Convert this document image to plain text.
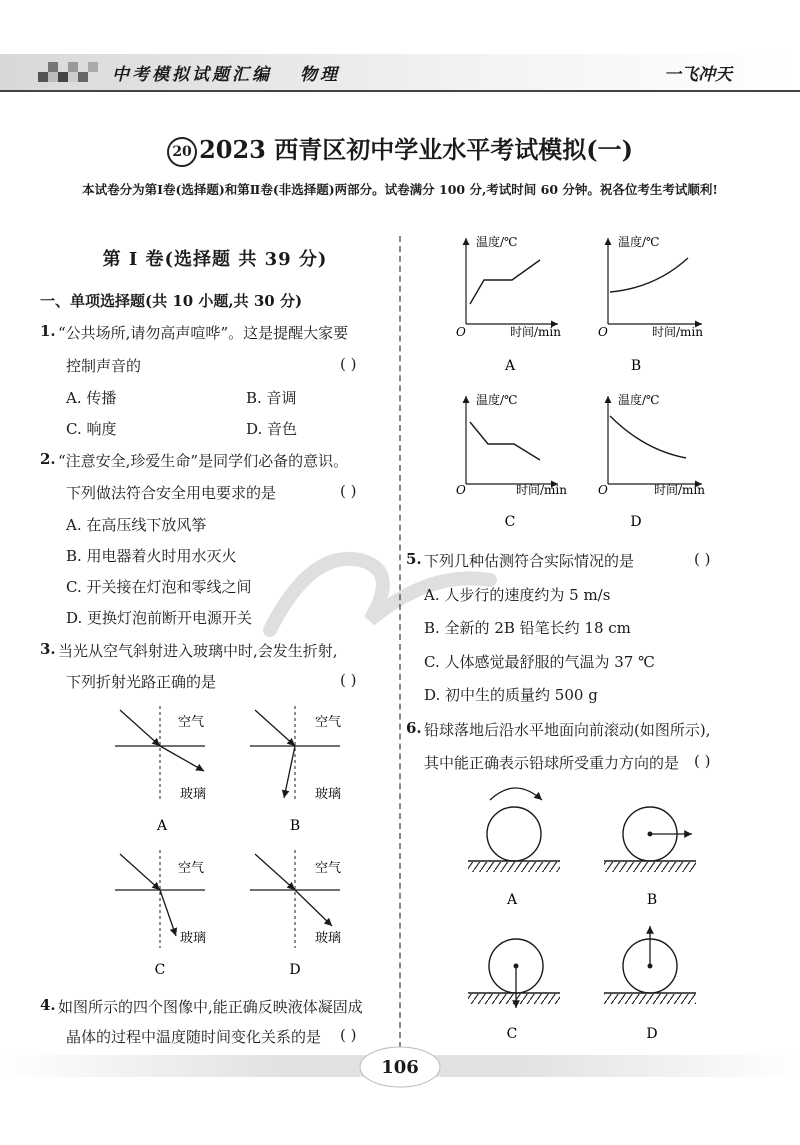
中考模拟试题汇编 物理	一飞冲天
20 2023 西青区初中学业水平考试模拟(一)
本试卷分为第Ⅰ卷(选择题)和第Ⅱ卷(非选择题)两部分。试卷满分 100 分,考试时间 60 分钟。祝各位考生考试顺利!
第 Ⅰ 卷(选择题 共 39 分)
一、单项选择题(共 10 小题,共 30 分)
1. “公共场所,请勿高声喧哗”。这是提醒大家要
控制声音的	( )
A. 传播	B. 音调
C. 响度	D. 音色
2. “注意安全,珍爱生命”是同学们必备的意识。
下列做法符合安全用电要求的是	( )
A. 在高压线下放风筝
B. 用电器着火时用水灭火
C. 开关接在灯泡和零线之间
D. 更换灯泡前断开电源开关
3. 当光从空气斜射进入玻璃中时,会发生折射,
下列折射光路正确的是	( )
空气
玻璃
A
空气
玻璃
B
空气
玻璃
C
空气
玻璃
D
4. 如图所示的四个图像中,能正确反映液体凝固成
晶体的过程中温度随时间变化关系的是 ( )
温度/℃
时间/min
O
A
温度/℃
时间/min
O
B
温度/℃
时间/min
O
C
温度/℃
时间/min
O
D
5. 下列几种估测符合实际情况的是	( )
A. 人步行的速度约为 5 m/s
B. 全新的 2B 铅笔长约 18 cm
C. 人体感觉最舒服的气温为 37 ℃
D. 初中生的质量约 500 g
6. 铅球落地后沿水平地面向前滚动(如图所示),
其中能正确表示铅球所受重力方向的是 ( )
A	B
C	D
106
